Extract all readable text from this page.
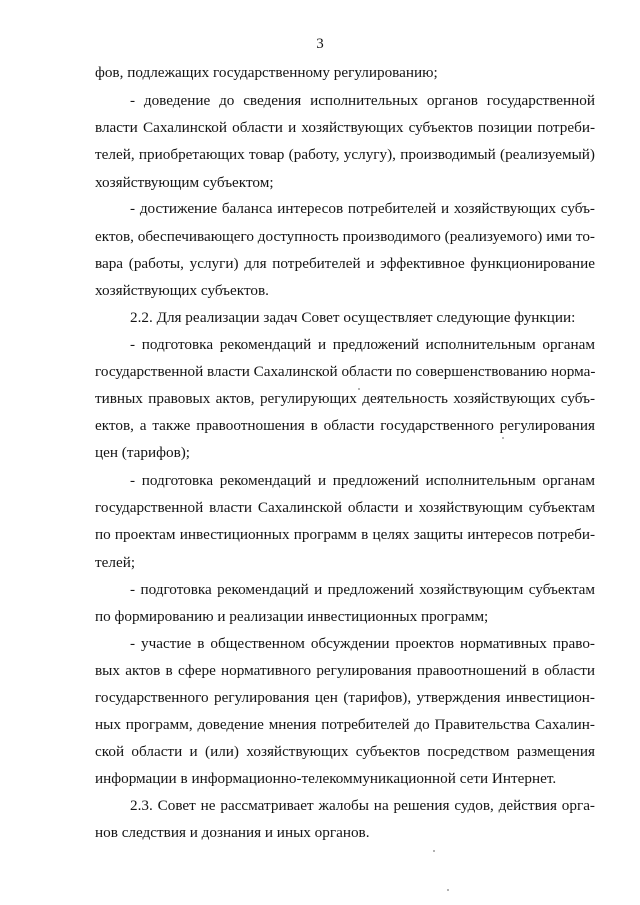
3
фов, подлежащих государственному регулированию;
- доведение до сведения исполнительных органов государственной
власти Сахалинской области и хозяйствующих субъектов позиции потреби-
телей, приобретающих товар (работу, услугу), производимый (реализуемый)
хозяйствующим субъектом;
- достижение баланса интересов потребителей и хозяйствующих субъ-
ектов, обеспечивающего доступность производимого (реализуемого) ими то-
вара (работы, услуги) для потребителей и эффективное функционирование
хозяйствующих субъектов.
2.2. Для реализации задач Совет осуществляет следующие функции:
- подготовка рекомендаций и предложений исполнительным органам
государственной власти Сахалинской области по совершенствованию норма-
тивных правовых актов, регулирующих деятельность хозяйствующих субъ-
ектов, а также правоотношения в области государственного регулирования
цен (тарифов);
- подготовка рекомендаций и предложений исполнительным органам
государственной власти Сахалинской области и хозяйствующим субъектам
по проектам инвестиционных программ в целях защиты интересов потреби-
телей;
- подготовка рекомендаций и предложений хозяйствующим субъектам
по формированию и реализации инвестиционных программ;
- участие в общественном обсуждении проектов нормативных право-
вых актов в сфере нормативного регулирования правоотношений в области
государственного регулирования цен (тарифов), утверждения инвестицион-
ных программ, доведение мнения потребителей до Правительства Сахалин-
ской области и (или) хозяйствующих субъектов посредством размещения
информации в информационно-телекоммуникационной сети Интернет.
2.3. Совет не рассматривает жалобы на решения судов, действия орга-
нов следствия и дознания и иных органов.
